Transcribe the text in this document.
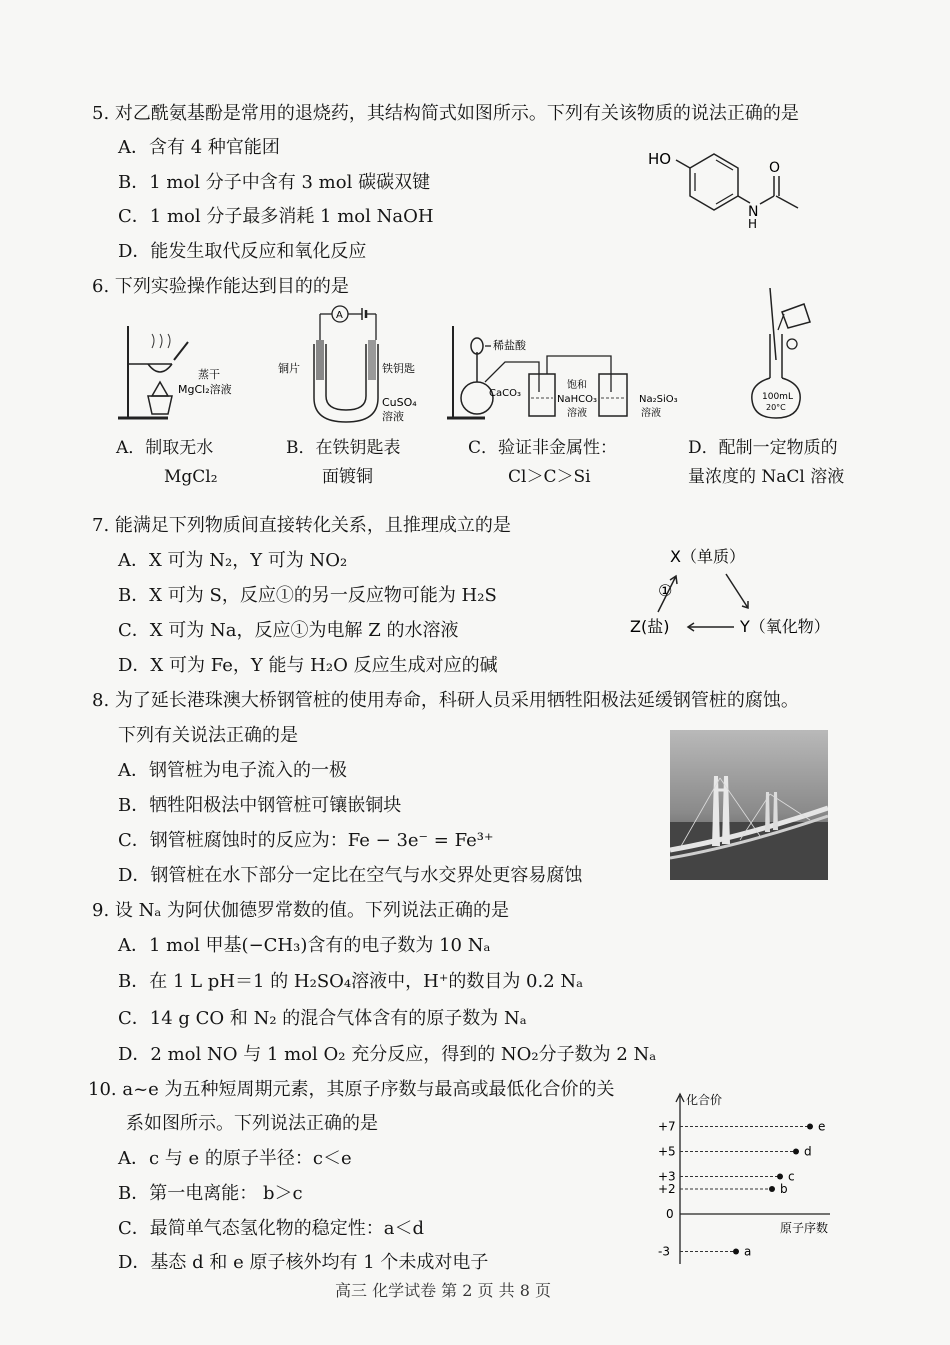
5. 对乙酰氨基酚是常用的退烧药，其结构简式如图所示。下列有关该物质的说法正确的是
A．含有 4 种官能团
B．1 mol 分子中含有 3 mol 碳碳双键
C．1 mol 分子最多消耗 1 mol NaOH
D．能发生取代反应和氧化反应
HO
N
H
O
6. 下列实验操作能达到目的的是
蒸干
MgCl₂溶液
A
铜片	铁钥匙
CuSO₄
溶液
稀盐酸
CaCO₃
饱和
NaHCO₃
溶液
Na₂SiO₃
溶液
100mL
20°C
A．制取无水
MgCl₂
B．在铁钥匙表
面镀铜
C．验证非金属性：
Cl＞C＞Si
D．配制一定物质的
量浓度的 NaCl 溶液
7. 能满足下列物质间直接转化关系，且推理成立的是
A．X 可为 N₂，Y 可为 NO₂
B．X 可为 S，反应①的另一反应物可能为 H₂S
C．X 可为 Na，反应①为电解 Z 的水溶液
D．X 可为 Fe，Y 能与 H₂O 反应生成对应的碱
X（单质）
Z(盐)	Y（氧化物）
①
8. 为了延长港珠澳大桥钢管桩的使用寿命，科研人员采用牺牲阳极法延缓钢管桩的腐蚀。
下列有关说法正确的是
A．钢管桩为电子流入的一极
B．牺牲阳极法中钢管桩可镶嵌铜块
C．钢管桩腐蚀时的反应为：Fe − 3e⁻ = Fe³⁺
D．钢管桩在水下部分一定比在空气与水交界处更容易腐蚀
9. 设 Nₐ 为阿伏伽德罗常数的值。下列说法正确的是
A．1 mol 甲基(−CH₃)含有的电子数为 10 Nₐ
B．在 1 L pH＝1 的 H₂SO₄溶液中，H⁺的数目为 0.2 Nₐ
C．14 g CO 和 N₂ 的混合气体含有的原子数为 Nₐ
D．2 mol NO 与 1 mol O₂ 充分反应，得到的 NO₂分子数为 2 Nₐ
10. a~e 为五种短周期元素，其原子序数与最高或最低化合价的关
系如图所示。下列说法正确的是
A．c 与 e 的原子半径：c＜e
B．第一电离能： b＞c
C．最简单气态氢化物的稳定性：a＜d
D．基态 d 和 e 原子核外均有 1 个未成对电子
化合价
原子序数
+7
+5
+3
+2
0
-3	a
b
c
d
e
高三 化学试卷 第 2 页 共 8 页
